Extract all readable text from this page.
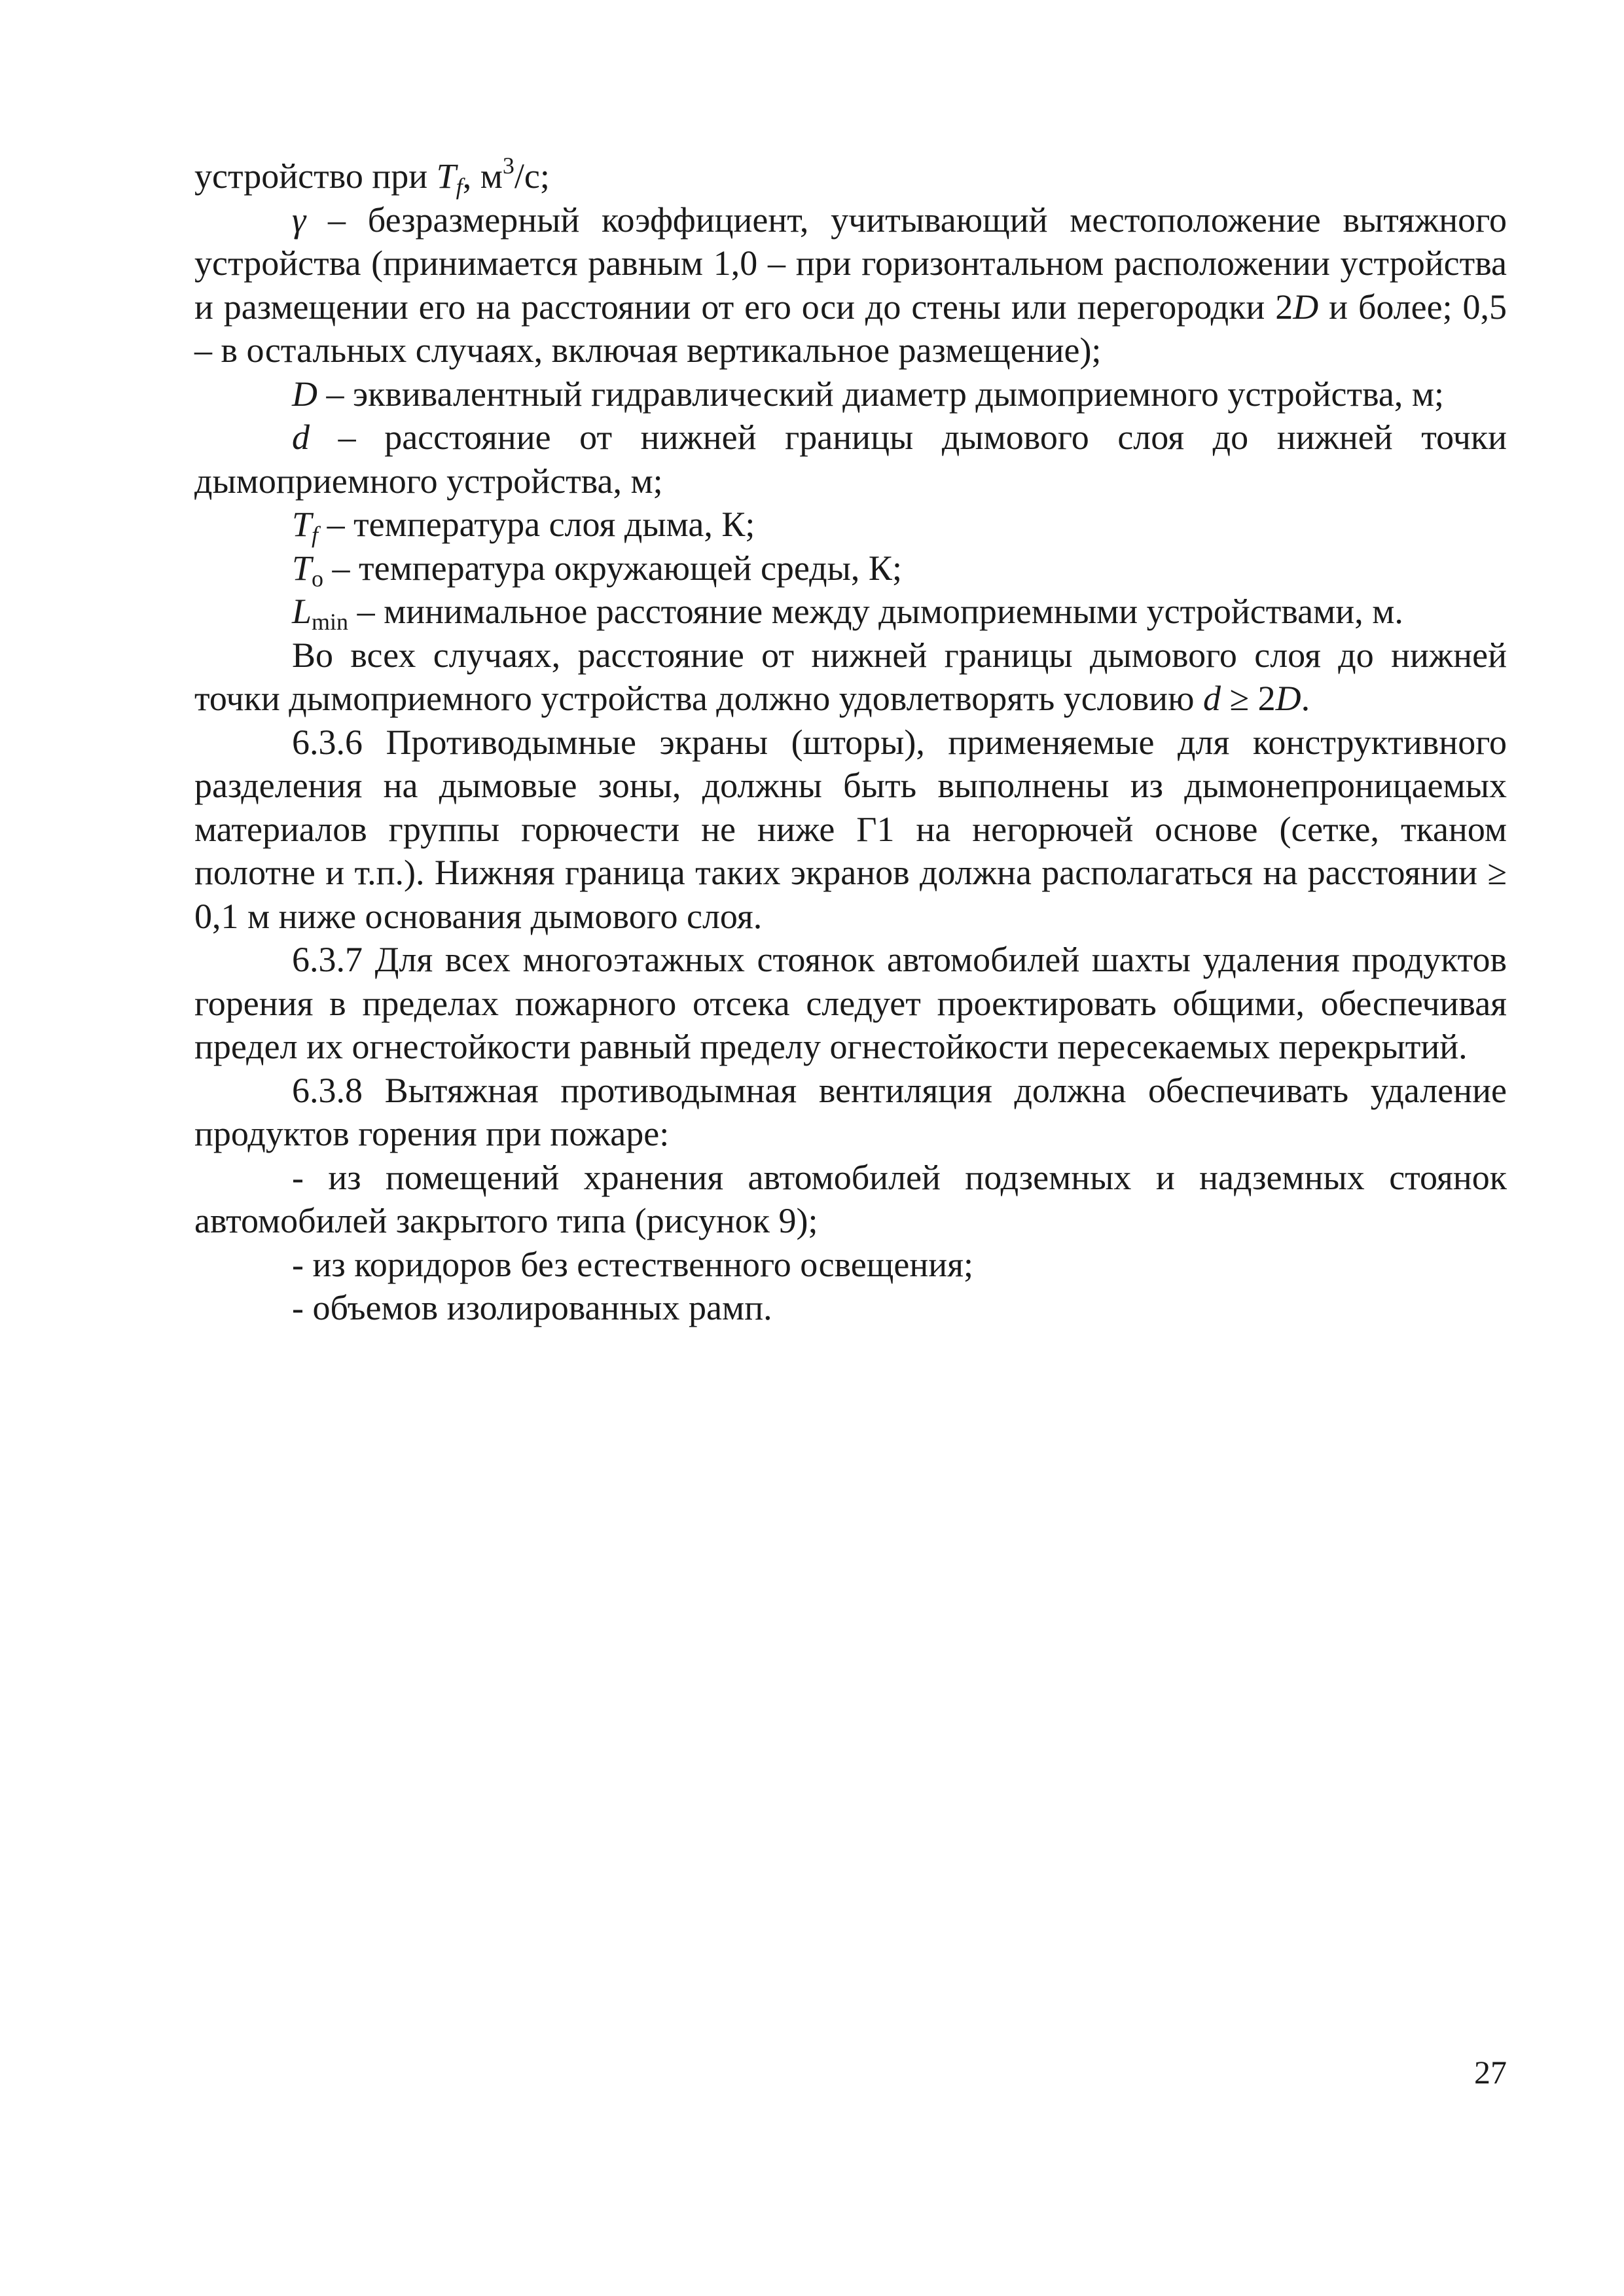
устройство при $T_f$, $м^3/с$;

γ – безразмерный коэффициент, учитывающий местоположение вытяжного устройства (принимается равным 1,0 – при горизонтальном расположении устройства и размещении его на расстоянии от его оси до стены или перегородки 2D и более; 0,5 – в остальных случаях, включая вертикальное размещение);

D – эквивалентный гидравлический диаметр дымоприемного устройства, м;

d – расстояние от нижней границы дымового слоя до нижней точки дымоприемного устройства, м;

$T_f$ – температура слоя дыма, К;

$T_o$ – температура окружающей среды, К;

$L_{min}$ – минимальное расстояние между дымоприемными устройствами, м.

Во всех случаях, расстояние от нижней границы дымового слоя до нижней точки дымоприемного устройства должно удовлетворять условию d ≥ 2D.

6.3.6 Противодымные экраны (шторы), применяемые для конструктивного разделения на дымовые зоны, должны быть выполнены из дымонепроницаемых материалов группы горючести не ниже Г1 на негорючей основе (сетке, тканом полотне и т.п.). Нижняя граница таких экранов должна располагаться на расстоянии ≥ 0,1 м ниже основания дымового слоя.

6.3.7 Для всех многоэтажных стоянок автомобилей шахты удаления продуктов горения в пределах пожарного отсека следует проектировать общими, обеспечивая предел их огнестойкости равный пределу огнестойкости пересекаемых перекрытий.

6.3.8 Вытяжная противодымная вентиляция должна обеспечивать удаление продуктов горения при пожаре:

- из помещений хранения автомобилей подземных и надземных стоянок автомобилей закрытого типа (рисунок 9);

- из коридоров без естественного освещения;

- объемов изолированных рамп.

27
